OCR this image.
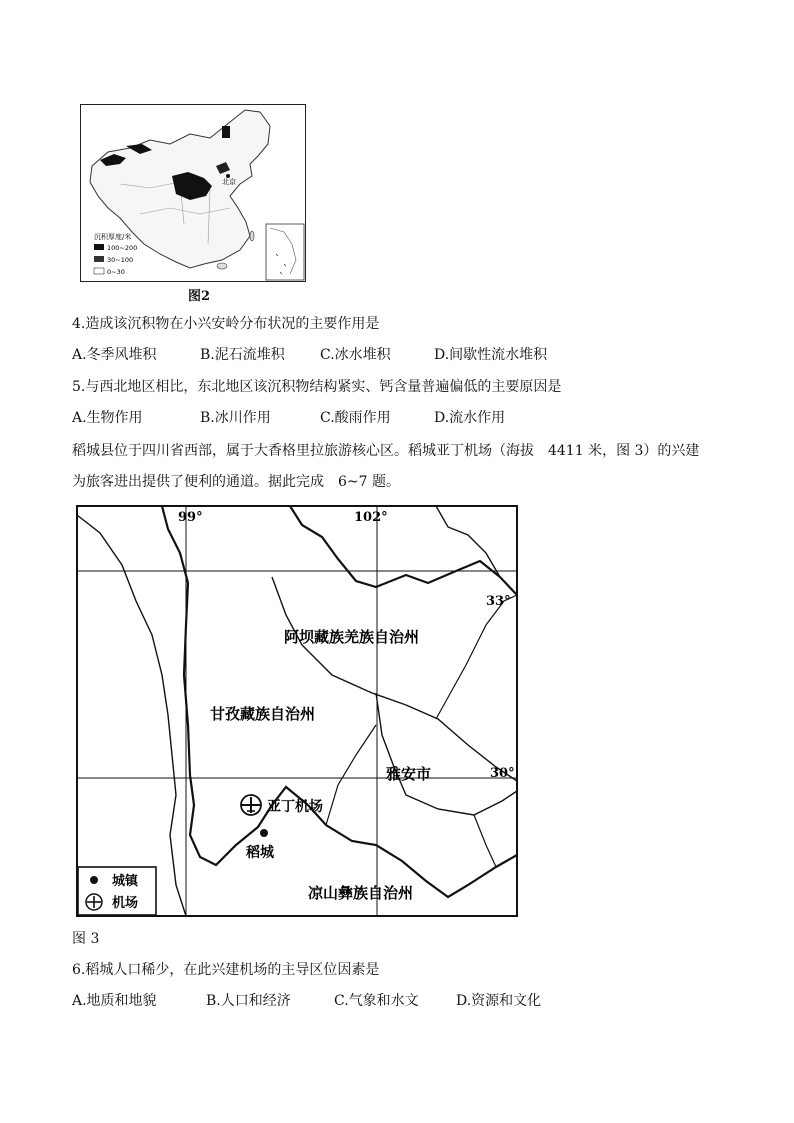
北京
沉积厚度/米
100~200
30~100
0~30
图2
4.造成该沉积物在小兴安岭分布状况的主要作用是
A.冬季风堆积	B.泥石流堆积	C.冰水堆积	D.间歇性流水堆积
5.与西北地区相比，东北地区该沉积物结构紧实、钙含量普遍偏低的主要原因是
A.生物作用	B.冰川作用	C.酸雨作用	D.流水作用
稻城县位于四川省西部，属于大香格里拉旅游核心区。稻城亚丁机场（海拔　4411 米，图 3）的兴建
为旅客进出提供了便利的通道。据此完成　6~7 题。
99°	102°
33°
30°
阿坝藏族羌族自治州
甘孜藏族自治州
雅安市
凉山彝族自治州
亚丁机场
稻城
城镇
机场
图 3
6.稻城人口稀少，在此兴建机场的主导区位因素是
A.地质和地貌	B.人口和经济	C.气象和水文	D.资源和文化
